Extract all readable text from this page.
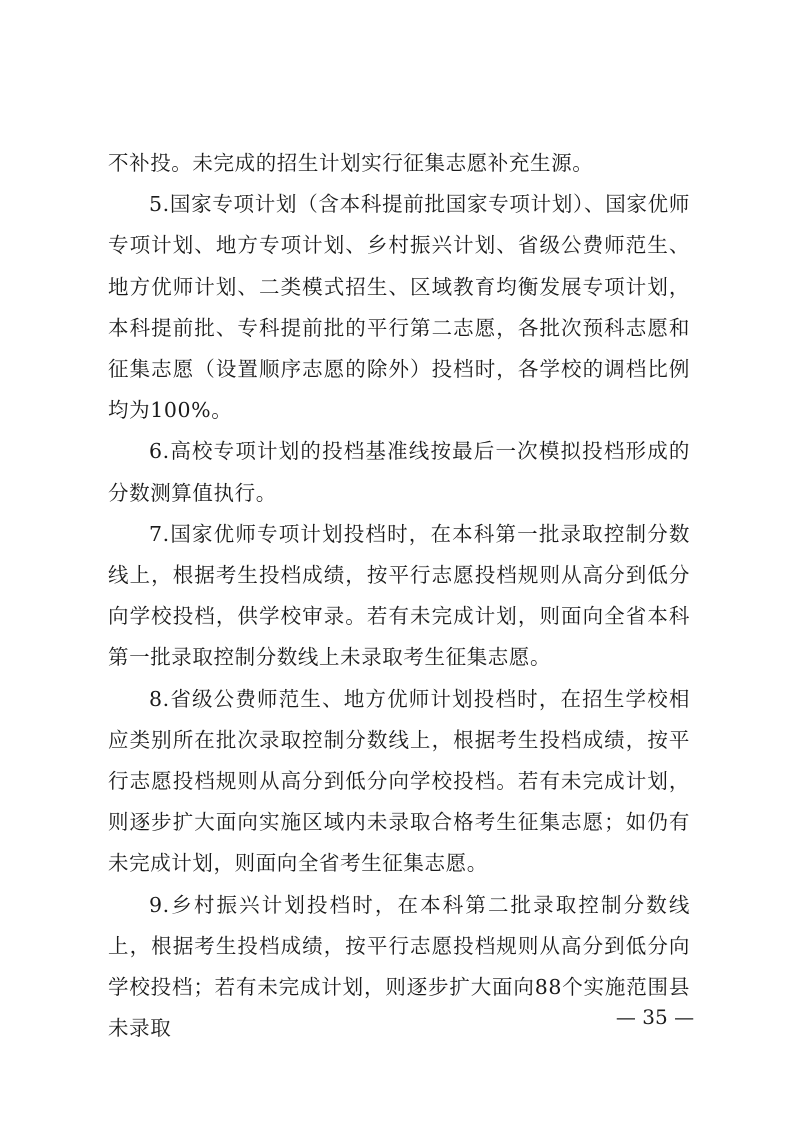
不补投。未完成的招生计划实行征集志愿补充生源。

5.国家专项计划（含本科提前批国家专项计划）、国家优师专项计划、地方专项计划、乡村振兴计划、省级公费师范生、地方优师计划、二类模式招生、区域教育均衡发展专项计划，本科提前批、专科提前批的平行第二志愿，各批次预科志愿和征集志愿（设置顺序志愿的除外）投档时，各学校的调档比例均为100%。

6.高校专项计划的投档基准线按最后一次模拟投档形成的分数测算值执行。

7.国家优师专项计划投档时，在本科第一批录取控制分数线上，根据考生投档成绩，按平行志愿投档规则从高分到低分向学校投档，供学校审录。若有未完成计划，则面向全省本科第一批录取控制分数线上未录取考生征集志愿。

8.省级公费师范生、地方优师计划投档时，在招生学校相应类别所在批次录取控制分数线上，根据考生投档成绩，按平行志愿投档规则从高分到低分向学校投档。若有未完成计划，则逐步扩大面向实施区域内未录取合格考生征集志愿；如仍有未完成计划，则面向全省考生征集志愿。

9.乡村振兴计划投档时，在本科第二批录取控制分数线上，根据考生投档成绩，按平行志愿投档规则从高分到低分向学校投档；若有未完成计划，则逐步扩大面向88个实施范围县未录取	— 35 —
